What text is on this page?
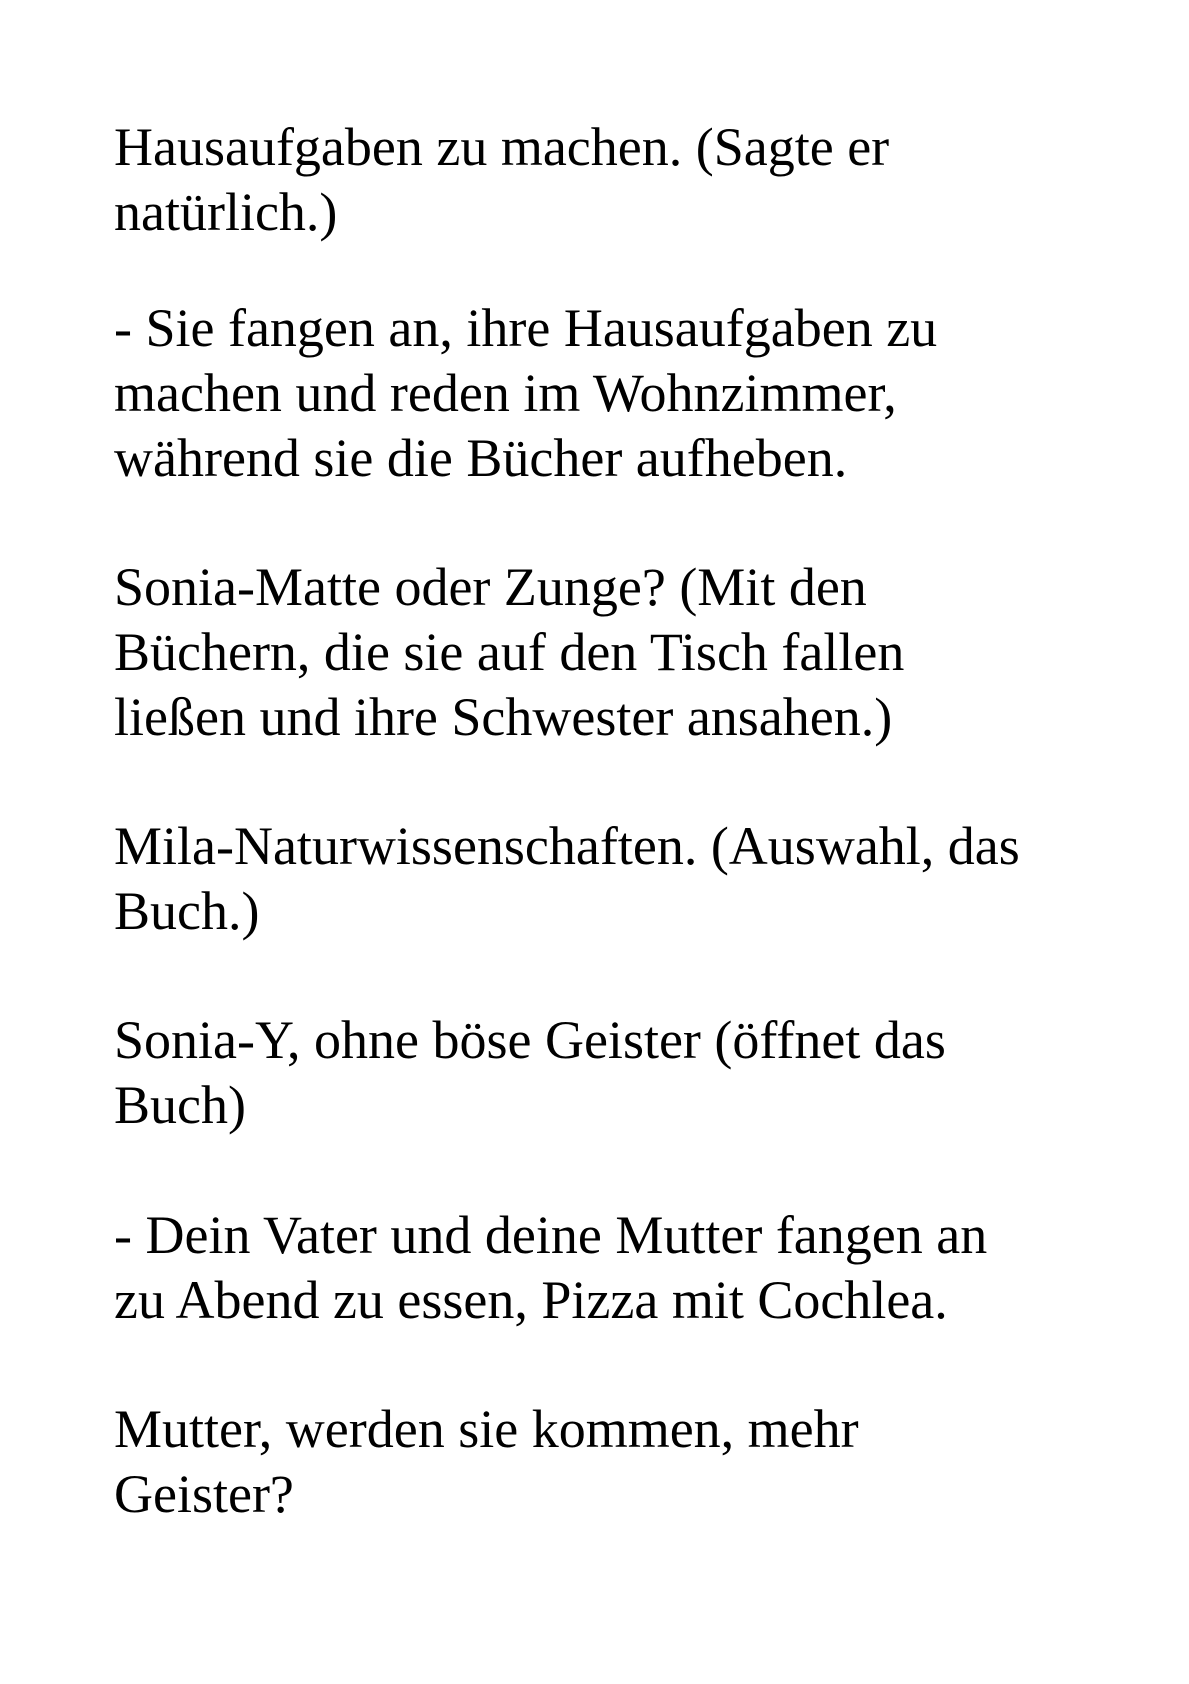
Hausaufgaben zu machen. (Sagte er
natürlich.)

- Sie fangen an, ihre Hausaufgaben zu
machen und reden im Wohnzimmer,
während sie die Bücher aufheben.

Sonia-Matte oder Zunge? (Mit den
Büchern, die sie auf den Tisch fallen
ließen und ihre Schwester ansahen.)

Mila-Naturwissenschaften. (Auswahl, das
Buch.)

Sonia-Y, ohne böse Geister (öffnet das
Buch)

- Dein Vater und deine Mutter fangen an
zu Abend zu essen, Pizza mit Cochlea.

Mutter, werden sie kommen, mehr
Geister?
